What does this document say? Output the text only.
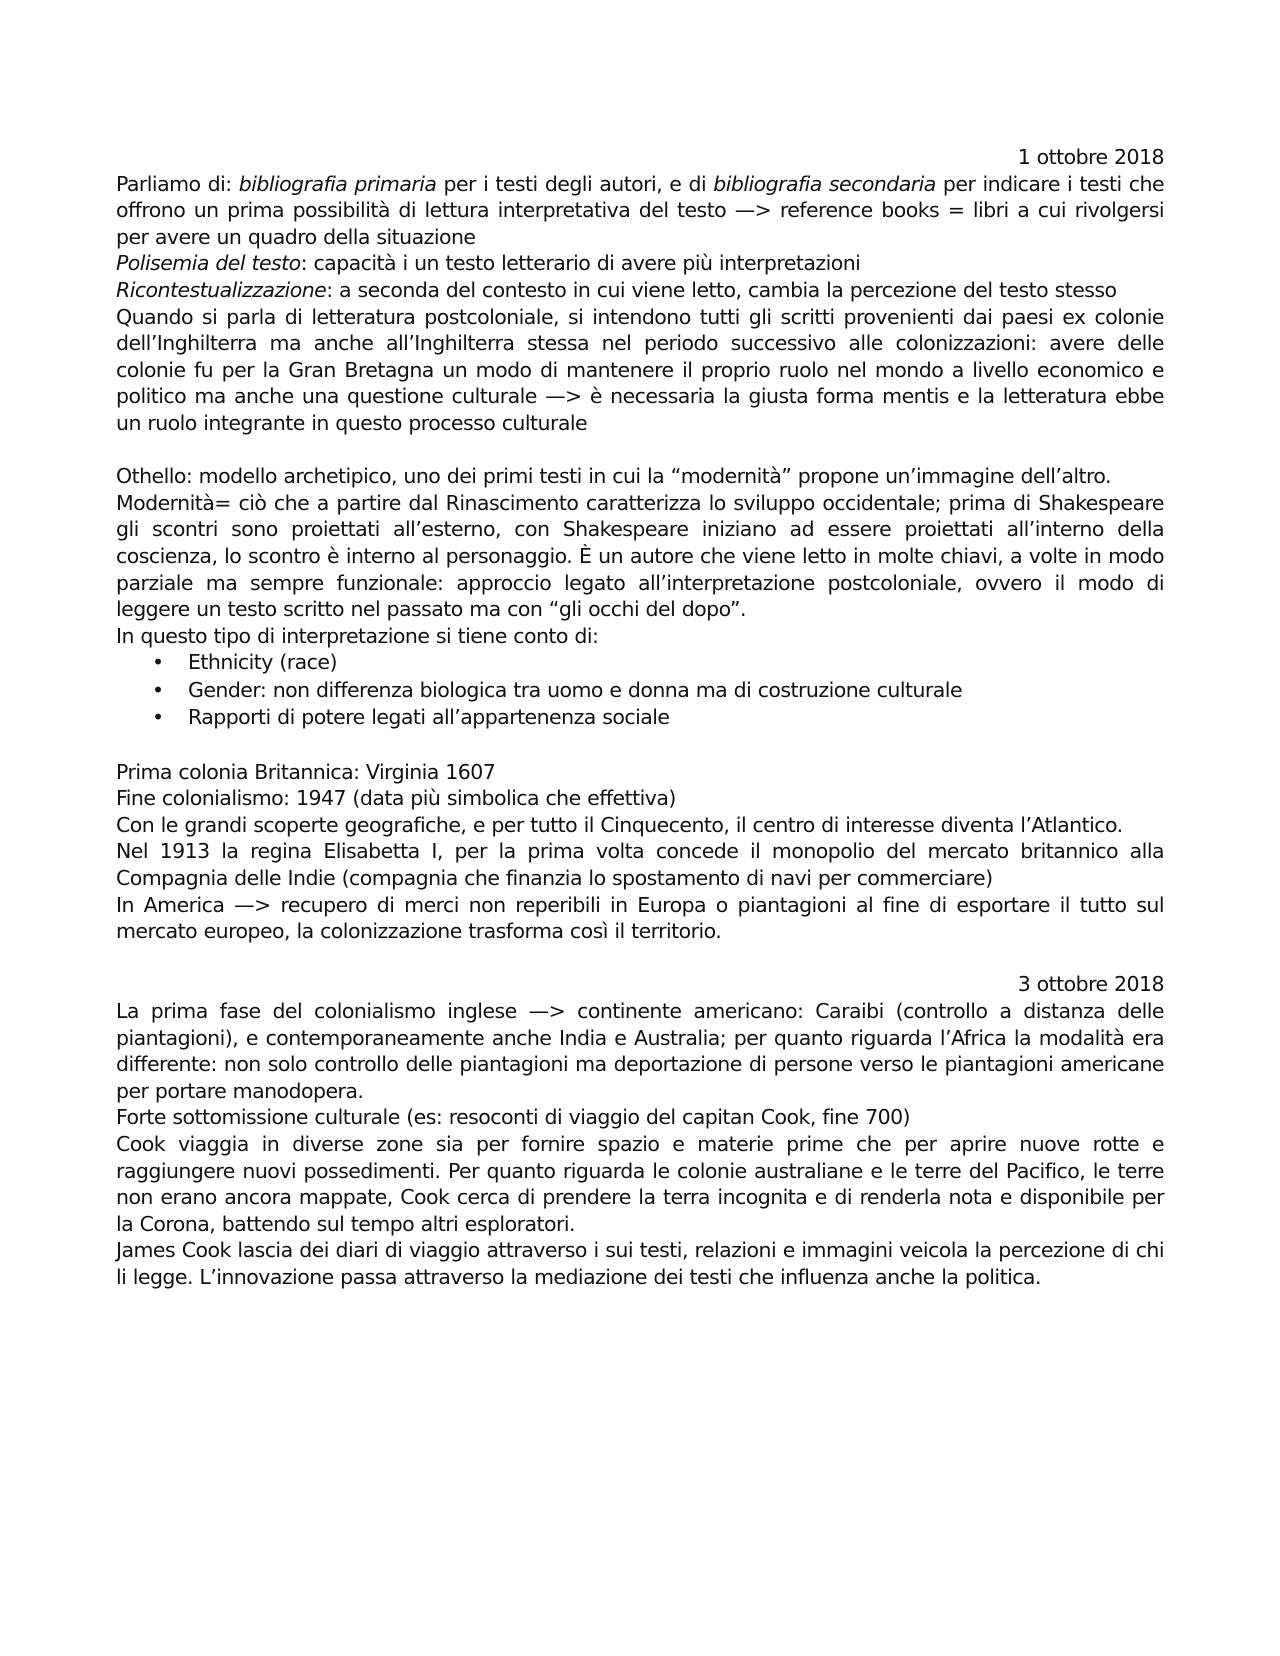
1 ottobre 2018

Parliamo di: bibliografia primaria per i testi degli autori, e di bibliografia secondaria per indicare i testi che offrono un prima possibilità di lettura interpretativa del testo —> reference books = libri a cui rivolgersi per avere un quadro della situazione

Polisemia del testo: capacità i un testo letterario di avere più interpretazioni

Ricontestualizzazione: a seconda del contesto in cui viene letto, cambia la percezione del testo stesso

Quando si parla di letteratura postcoloniale, si intendono tutti gli scritti provenienti dai paesi ex colonie dell’Inghilterra ma anche all’Inghilterra stessa nel periodo successivo alle colonizzazioni: avere delle colonie fu per la Gran Bretagna un modo di mantenere il proprio ruolo nel mondo a livello economico e politico ma anche una questione culturale —> è necessaria la giusta forma mentis e la letteratura ebbe un ruolo integrante in questo processo culturale

Othello: modello archetipico, uno dei primi testi in cui la “modernità” propone un’immagine dell’altro.

Modernità= ciò che a partire dal Rinascimento caratterizza lo sviluppo occidentale; prima di Shakespeare gli scontri sono proiettati all’esterno, con Shakespeare iniziano ad essere proiettati all’interno della coscienza, lo scontro è interno al personaggio. È un autore che viene letto in molte chiavi, a volte in modo parziale ma sempre funzionale: approccio legato all’interpretazione postcoloniale, ovvero il modo di leggere un testo scritto nel passato ma con “gli occhi del dopo”.

In questo tipo di interpretazione si tiene conto di:

• Ethnicity (race)
• Gender: non differenza biologica tra uomo e donna ma di costruzione culturale
• Rapporti di potere legati all’appartenenza sociale

Prima colonia Britannica: Virginia 1607

Fine colonialismo: 1947 (data più simbolica che effettiva)

Con le grandi scoperte geografiche, e per tutto il Cinquecento, il centro di interesse diventa l’Atlantico.

Nel 1913 la regina Elisabetta I, per la prima volta concede il monopolio del mercato britannico alla Compagnia delle Indie (compagnia che finanzia lo spostamento di navi per commerciare)

In America —> recupero di merci non reperibili in Europa o piantagioni al fine di esportare il tutto sul mercato europeo, la colonizzazione trasforma così il territorio.

3 ottobre 2018

La prima fase del colonialismo inglese —> continente americano: Caraibi (controllo a distanza delle piantagioni), e contemporaneamente anche India e Australia; per quanto riguarda l’Africa la modalità era differente: non solo controllo delle piantagioni ma deportazione di persone verso le piantagioni americane per portare manodopera.

Forte sottomissione culturale (es: resoconti di viaggio del capitan Cook, fine 700)

Cook viaggia in diverse zone sia per fornire spazio e materie prime che per aprire nuove rotte e raggiungere nuovi possedimenti. Per quanto riguarda le colonie australiane e le terre del Pacifico, le terre non erano ancora mappate, Cook cerca di prendere la terra incognita e di renderla nota e disponibile per la Corona, battendo sul tempo altri esploratori.

James Cook lascia dei diari di viaggio attraverso i sui testi, relazioni e immagini veicola la percezione di chi li legge. L’innovazione passa attraverso la mediazione dei testi che influenza anche la politica.
